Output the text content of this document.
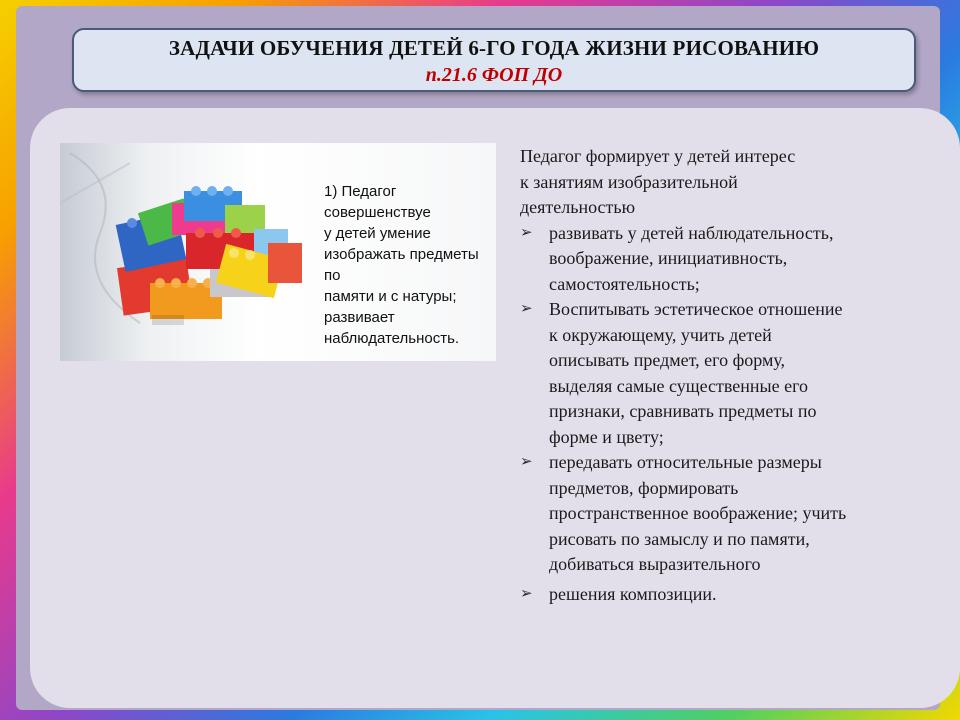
ЗАДАЧИ ОБУЧЕНИЯ ДЕТЕЙ 6-ГО ГОДА ЖИЗНИ РИСОВАНИЮ
п.21.6 ФОП ДО
1) Педагог совершенствуе
у детей умение
изображать предметы по
памяти и с натуры;
развивает
наблюдательность.
Педагог формирует у детей интерес
к занятиям изобразительной
деятельностью
➢ развивать у детей наблюдательность,
воображение, инициативность,
самостоятельность;
➢ Воспитывать эстетическое отношение
к окружающему, учить детей
описывать предмет, его форму,
выделяя самые существенные его
признаки, сравнивать предметы по
форме и цвету;
➢ передавать относительные размеры
предметов, формировать
пространственное воображение; учить
рисовать по замыслу и по памяти,
добиваться выразительного
➢ решения композиции.
